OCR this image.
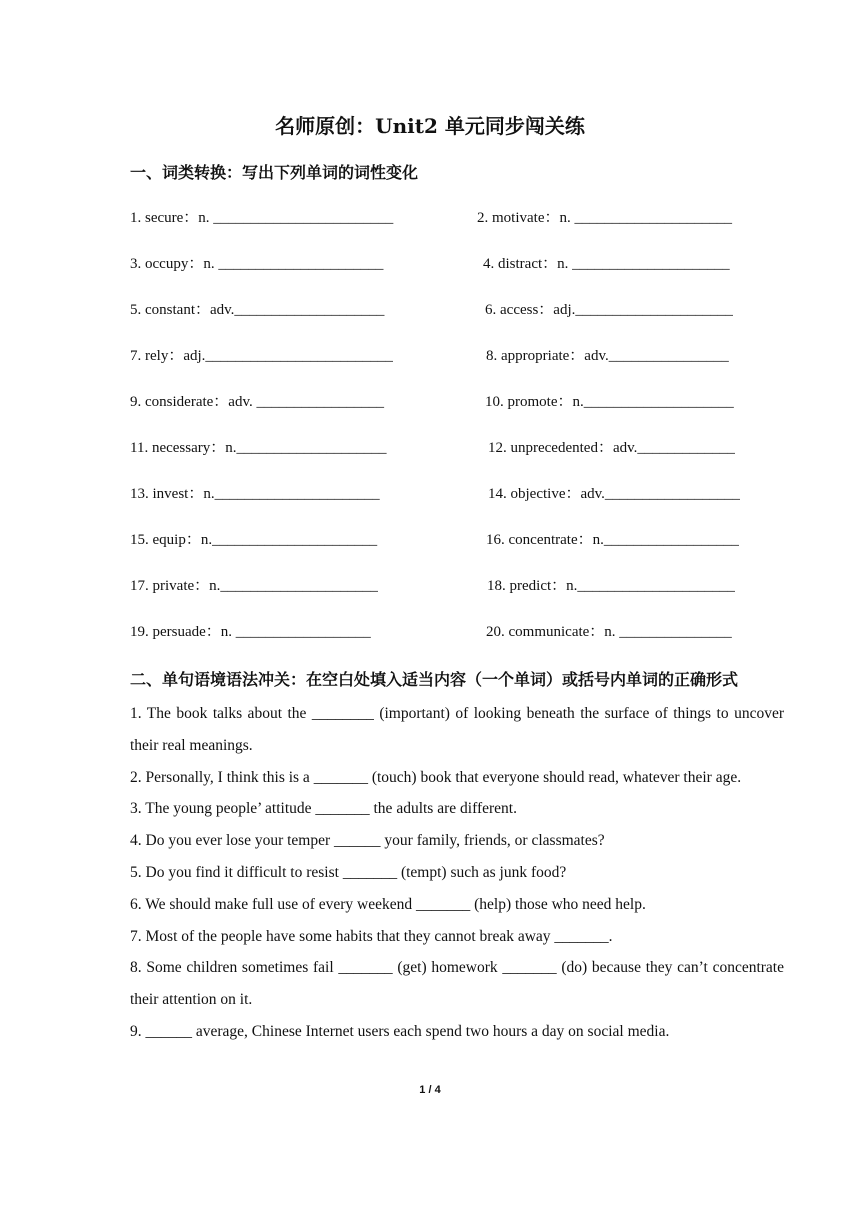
名师原创：Unit2 单元同步闯关练
一、词类转换：写出下列单词的词性变化
1. secure：n. ________________________	2. motivate：n. _____________________
3. occupy：n. ______________________	4. distract：n. _____________________
5. constant：adv.____________________	6. access：adj._____________________
7. rely：adj._________________________	8. appropriate：adv.________________
9. considerate：adv. _________________	10. promote：n.____________________
11. necessary：n.____________________	12. unprecedented：adv._____________
13. invest：n.______________________	14. objective：adv.__________________
15. equip：n.______________________	16. concentrate：n.__________________
17. private：n._____________________	18. predict：n._____________________
19. persuade：n. __________________	20. communicate：n. _______________
二、单句语境语法冲关：在空白处填入适当内容（一个单词）或括号内单词的正确形式

1. The book talks about the ________ (important) of looking beneath the surface of things to uncover their real meanings.

2. Personally, I think this is a _______ (touch) book that everyone should read, whatever their age.

3. The young people’ attitude _______ the adults are different.

4. Do you ever lose your temper ______ your family, friends, or classmates?

5. Do you find it difficult to resist _______ (tempt) such as junk food?

6. We should make full use of every weekend _______ (help) those who need help.

7. Most of the people have some habits that they cannot break away _______.

8. Some children sometimes fail _______ (get) homework _______ (do) because they can’t concentrate their attention on it.

9. ______ average, Chinese Internet users each spend two hours a day on social media.

1 / 4
